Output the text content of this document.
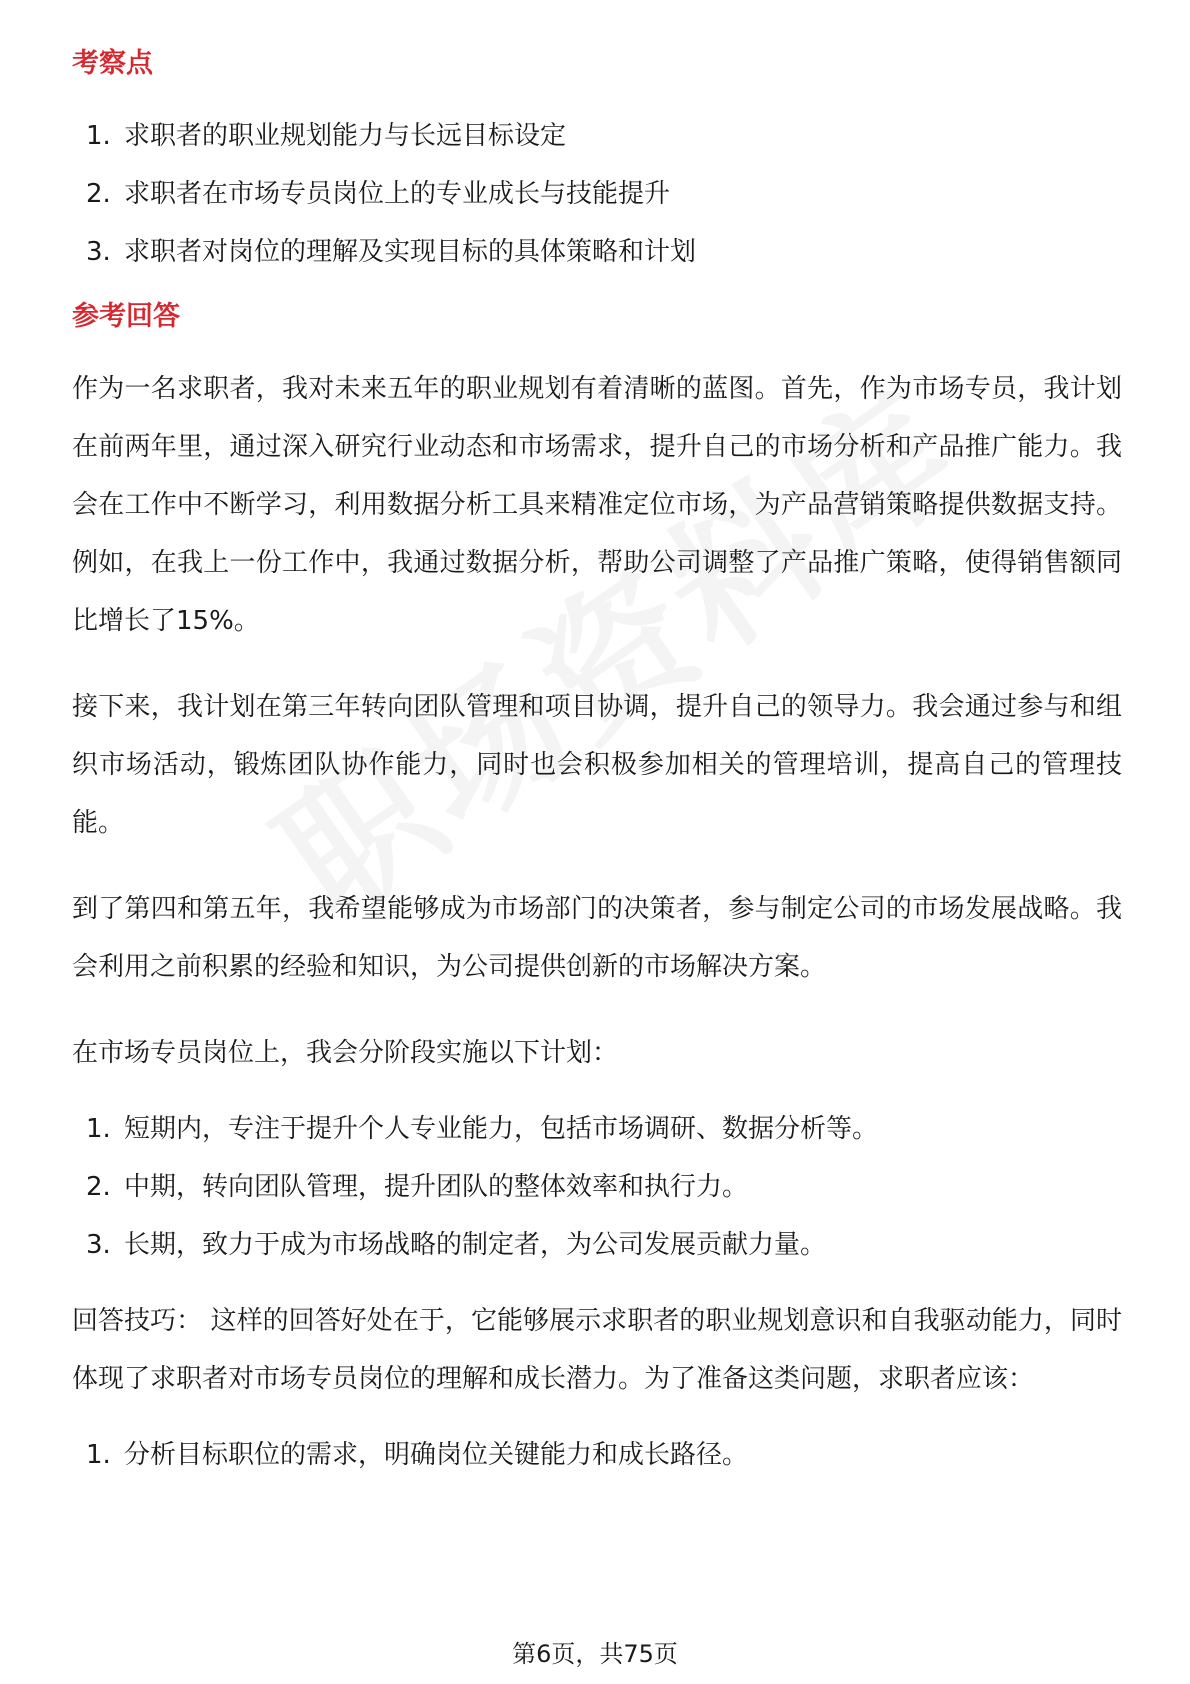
考察点
1. 求职者的职业规划能力与长远目标设定
2. 求职者在市场专员岗位上的专业成长与技能提升
3. 求职者对岗位的理解及实现目标的具体策略和计划
参考回答

作为一名求职者，我对未来五年的职业规划有着清晰的蓝图。首先，作为市场专员，我计划在前两年里，通过深入研究行业动态和市场需求，提升自己的市场分析和产品推广能力。我会在工作中不断学习，利用数据分析工具来精准定位市场，为产品营销策略提供数据支持。例如，在我上一份工作中，我通过数据分析，帮助公司调整了产品推广策略，使得销售额同比增长了15%。

接下来，我计划在第三年转向团队管理和项目协调，提升自己的领导力。我会通过参与和组织市场活动，锻炼团队协作能力，同时也会积极参加相关的管理培训，提高自己的管理技能。

到了第四和第五年，我希望能够成为市场部门的决策者，参与制定公司的市场发展战略。我会利用之前积累的经验和知识，为公司提供创新的市场解决方案。

在市场专员岗位上，我会分阶段实施以下计划：

1. 短期内，专注于提升个人专业能力，包括市场调研、数据分析等。
2. 中期，转向团队管理，提升团队的整体效率和执行力。
3. 长期，致力于成为市场战略的制定者，为公司发展贡献力量。

回答技巧： 这样的回答好处在于，它能够展示求职者的职业规划意识和自我驱动能力，同时体现了求职者对市场专员岗位的理解和成长潜力。为了准备这类问题，求职者应该：

1. 分析目标职位的需求，明确岗位关键能力和成长路径。
第6页，共75页
